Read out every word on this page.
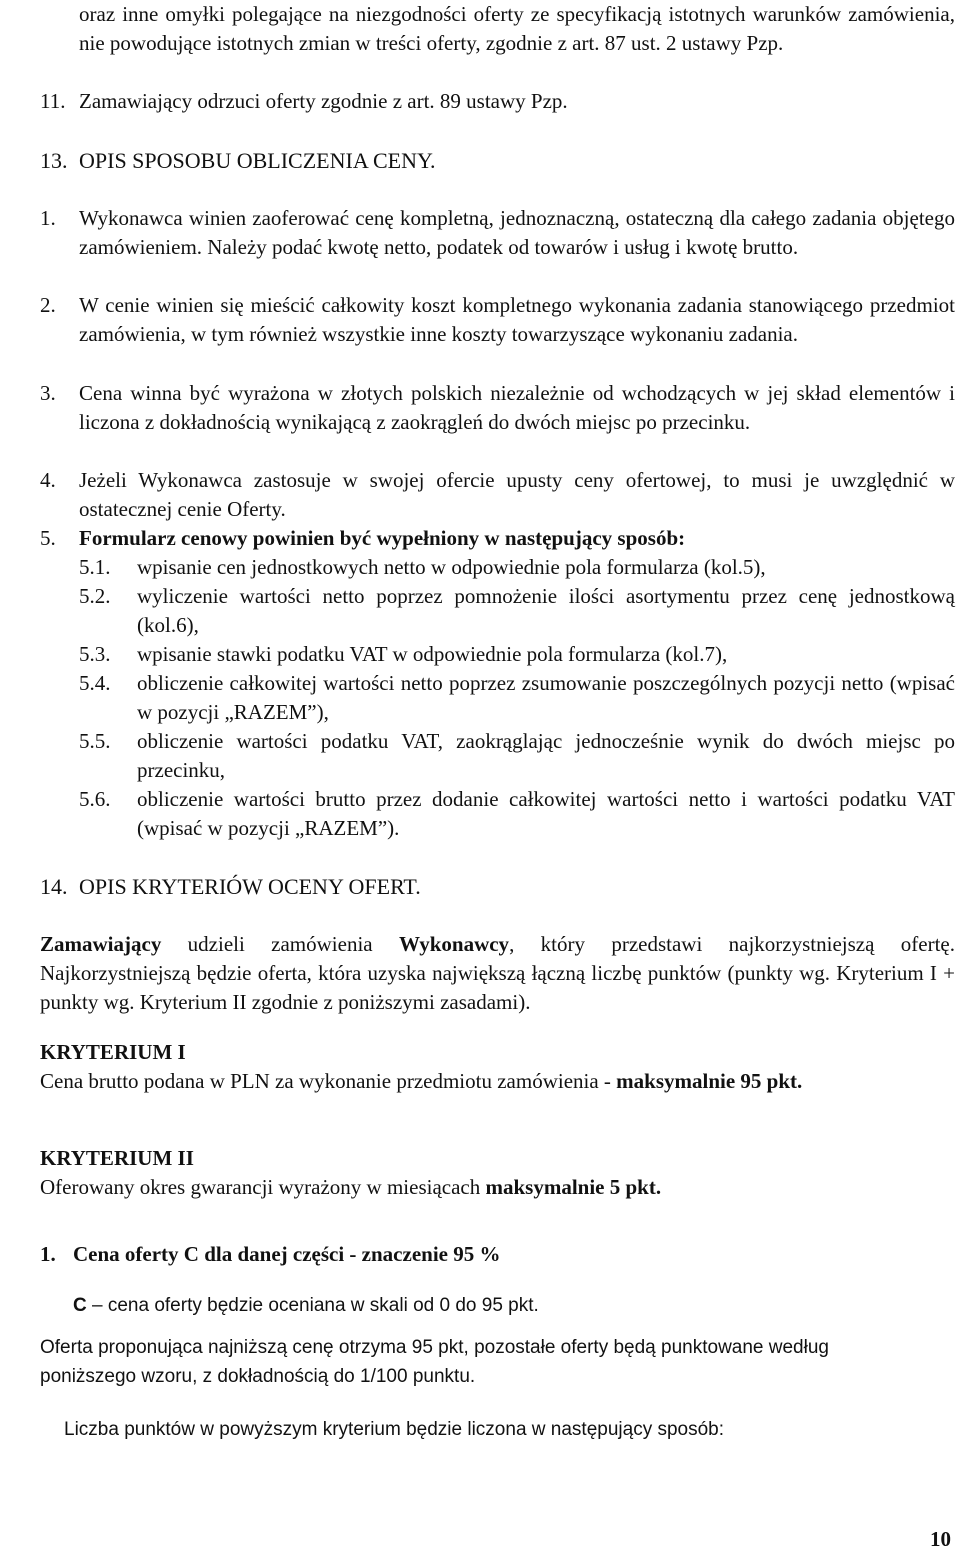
oraz inne omyłki polegające na niezgodności oferty ze specyfikacją istotnych warunków zamówienia, nie powodujące istotnych zmian w treści oferty, zgodnie z art. 87 ust. 2 ustawy Pzp.
11. Zamawiający odrzuci oferty zgodnie z art. 89 ustawy Pzp.
13. OPIS SPOSOBU OBLICZENIA CENY.
1. Wykonawca winien zaoferować cenę kompletną, jednoznaczną, ostateczną dla całego zadania objętego zamówieniem. Należy podać kwotę netto, podatek od towarów i usług i kwotę brutto.
2. W cenie winien się mieścić całkowity koszt kompletnego wykonania zadania stanowiącego przedmiot zamówienia, w tym również wszystkie inne koszty towarzyszące wykonaniu zadania.
3. Cena winna być wyrażona w złotych polskich niezależnie od wchodzących w jej skład elementów i liczona z dokładnością wynikającą z zaokrągleń do dwóch miejsc po przecinku.
4. Jeżeli Wykonawca zastosuje w swojej ofercie upusty ceny ofertowej, to musi je uwzględnić w ostatecznej cenie Oferty.
5. Formularz cenowy powinien być wypełniony w następujący sposób:
5.1. wpisanie cen jednostkowych netto w odpowiednie pola formularza (kol.5),
5.2. wyliczenie wartości netto poprzez pomnożenie ilości asortymentu przez cenę jednostkową (kol.6),
5.3. wpisanie stawki podatku VAT w odpowiednie pola formularza (kol.7),
5.4. obliczenie całkowitej wartości netto poprzez zsumowanie poszczególnych pozycji netto (wpisać w pozycji „RAZEM”),
5.5. obliczenie wartości podatku VAT, zaokrąglając jednocześnie wynik do dwóch miejsc po przecinku,
5.6. obliczenie wartości brutto przez dodanie całkowitej wartości netto i wartości podatku VAT (wpisać w pozycji „RAZEM”).
14. OPIS KRYTERIÓW OCENY OFERT.
Zamawiający udzieli zamówienia Wykonawcy, który przedstawi najkorzystniejszą ofertę. Najkorzystniejszą będzie oferta, która uzyska największą łączną liczbę punktów (punkty wg. Kryterium I + punkty wg. Kryterium II zgodnie z poniższymi zasadami).
KRYTERIUM I
Cena brutto podana w PLN za wykonanie przedmiotu zamówienia - maksymalnie 95 pkt.
KRYTERIUM II
Oferowany okres gwarancji wyrażony w miesiącach maksymalnie 5 pkt.
1. Cena oferty C dla danej części - znaczenie 95 %
C – cena oferty będzie oceniana w skali od 0 do 95 pkt.
Oferta proponująca najniższą cenę otrzyma 95 pkt, pozostałe oferty będą punktowane według poniższego wzoru, z dokładnością do 1/100 punktu.
Liczba punktów w powyższym kryterium będzie liczona w następujący sposób:
10
